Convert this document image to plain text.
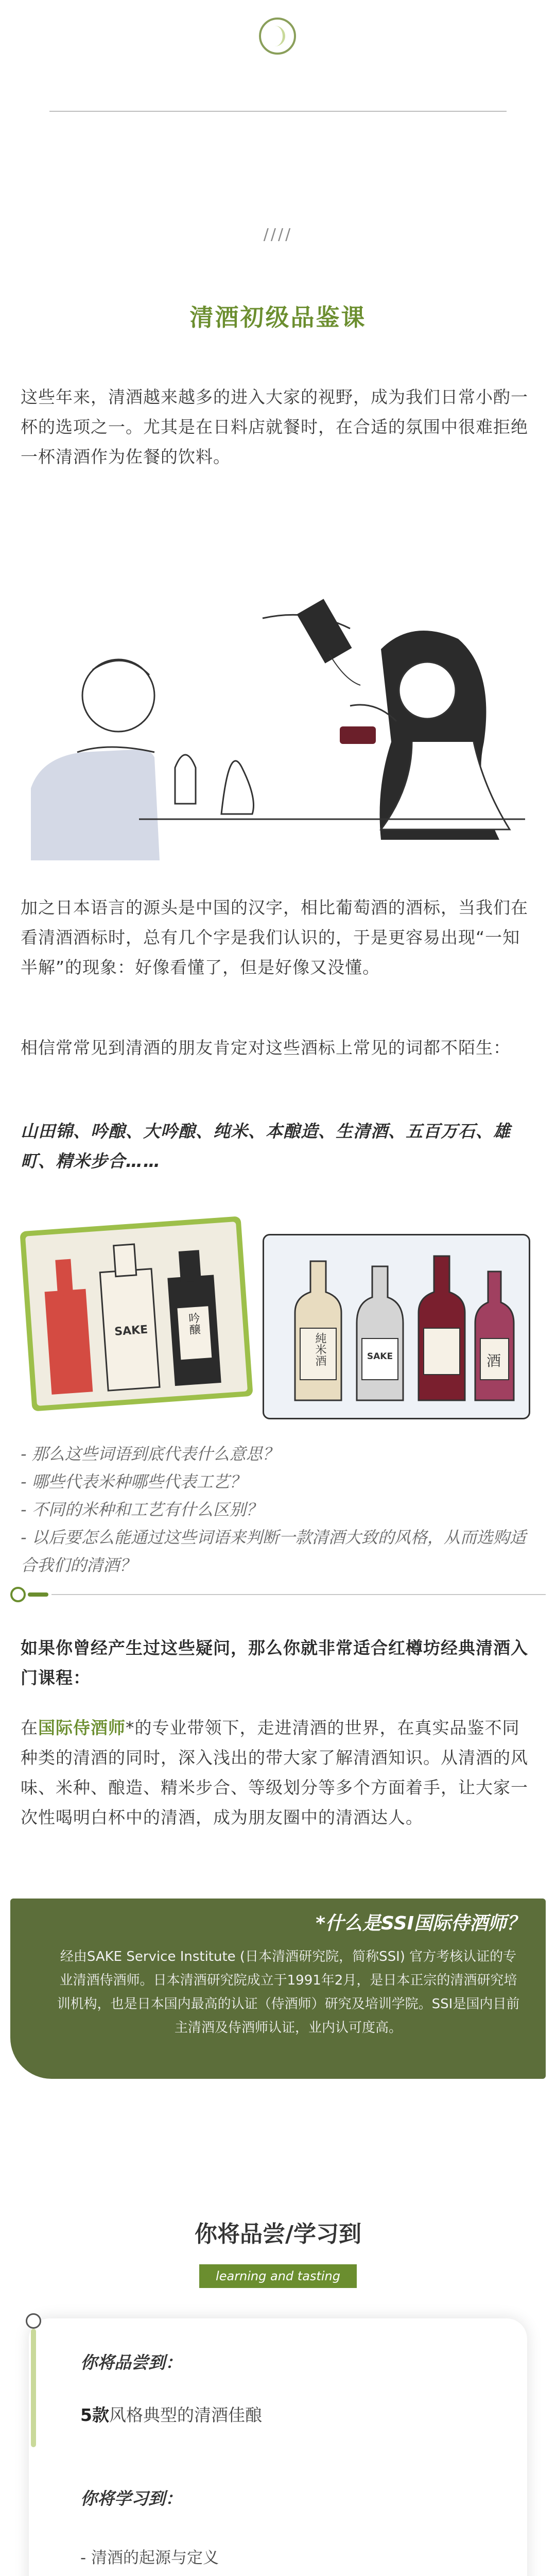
////
清酒初级品鉴课

这些年来，清酒越来越多的进入大家的视野，成为我们日常小酌一杯的选项之一。尤其是在日料店就餐时，在合适的氛围中很难拒绝一杯清酒作为佐餐的饮料。

加之日本语言的源头是中国的汉字，相比葡萄酒的酒标，当我们在看清酒酒标时，总有几个字是我们认识的，于是更容易出现“一知半解”的现象：好像看懂了，但是好像又没懂。

相信常常见到清酒的朋友肯定对这些酒标上常见的词都不陌生：

山田锦、吟酿、大吟酿、纯米、本酿造、生清酒、五百万石、雄町、精米步合……

SAKE	吟醸
純米酒	SAKE	酒

- 那么这些词语到底代表什么意思？

- 哪些代表米种哪些代表工艺？

- 不同的米种和工艺有什么区别？

- 以后要怎么能通过这些词语来判断一款清酒大致的风格，从而选购适合我们的清酒？

如果你曾经产生过这些疑问，那么你就非常适合红樽坊经典清酒入门课程：

在国际侍酒师*的专业带领下，走进清酒的世界，在真实品鉴不同种类的清酒的同时，深入浅出的带大家了解清酒知识。从清酒的风味、米种、酿造、精米步合、等级划分等多个方面着手，让大家一次性喝明白杯中的清酒，成为朋友圈中的清酒达人。

*什么是SSI国际侍酒师？

经由SAKE Service Institute (日本清酒研究院，简称SSI) 官方考核认证的专业清酒侍酒师。日本清酒研究院成立于1991年2月，是日本正宗的清酒研究培训机构，也是日本国内最高的认证（侍酒师）研究及培训学院。SSI是国内目前主清酒及侍酒师认证，业内认可度高。

你将品尝/学习到
learning and tasting
你将品尝到：
5款风格典型的清酒佳酿
你将学习到：
- 清酒的起源与定义
